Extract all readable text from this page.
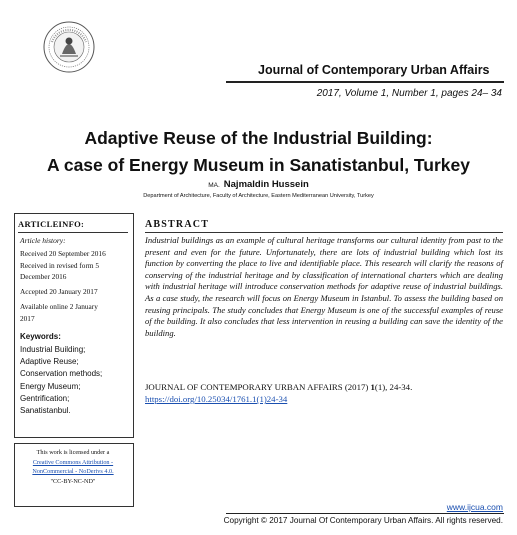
Journal of Contemporary Urban Affairs
2017, Volume 1, Number 1, pages 24– 34
Adaptive Reuse of the Industrial Building:
A case of Energy Museum in Sanatistanbul, Turkey
MA. Najmaldin Hussein
Department of Architecture, Faculty of Architecture, Eastern Mediterranean University, Turkey
ARTICLEINFO:
Article history:
Received 20 September 2016
Received in revised form 5
December 2016
Accepted 20 January 2017
Available online 2 January
2017
Keywords:
Industrial Building;
Adaptive Reuse;
Conservation methods;
Energy Museum;
Gentrification;
Sanatistanbul.
ABSTRACT
Industrial buildings as an example of cultural heritage transforms our cultural identity from past to the present and even for the future. Unfortunately, there are lots of industrial building which lost its function by converting the place to live and identifiable place. This research will clarify the reasons of conserving of the industrial heritage and by classification of international charters which are dealing with industrial heritage will introduce conservation methods for adaptive reuse of industrial buildings. As a case study, the research will focus on Energy Museum in Istanbul. To assess the building based on reusing principals. The study concludes that Energy Museum is one of the successful examples of reuse of the building. It also concludes that less intervention in reusing a building can save the identity of the building.
JOURNAL OF CONTEMPORARY URBAN AFFAIRS (2017) 1(1), 24-34.
https://doi.org/10.25034/1761.1(1)24-34
This work is licensed under a
Creative Commons Attribution -
NonCommercial - NoDerivs 4.0.
"CC-BY-NC-ND"
www.ijcua.com
Copyright © 2017 Journal Of Contemporary Urban Affairs. All rights reserved.
